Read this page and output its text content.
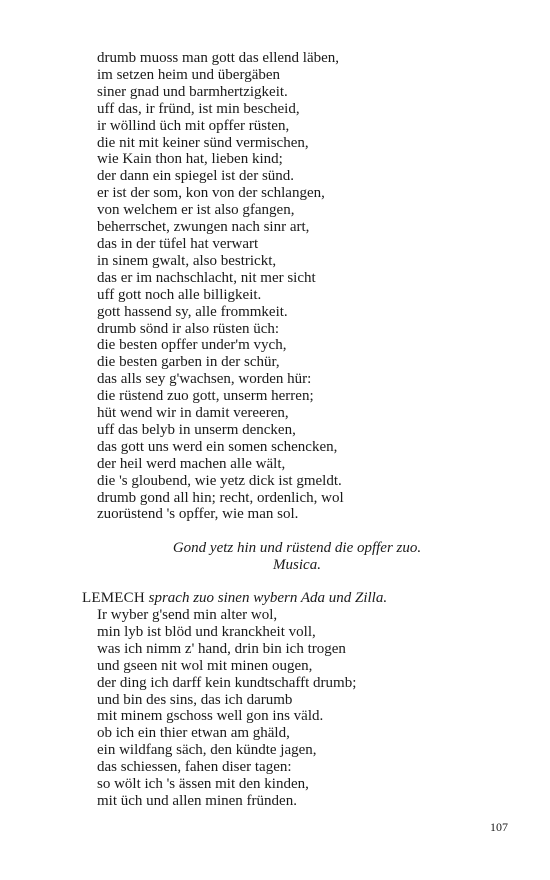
drumb muoss man gott das ellend läben,
im setzen heim und übergäben
siner gnad und barmhertzigkeit.
uff das, ir fründ, ist min bescheid,
ir wöllind üch mit opffer rüsten,
die nit mit keiner sünd vermischen,
wie Kain thon hat, lieben kind;
der dann ein spiegel ist der sünd.
er ist der som, kon von der schlangen,
von welchem er ist also gfangen,
beherrschet, zwungen nach sinr art,
das in der tüfel hat verwart
in sinem gwalt, also bestrickt,
das er im nachschlacht, nit mer sicht
uff gott noch alle billigkeit.
gott hassend sy, alle frommkeit.
drumb sönd ir also rüsten üch:
die besten opffer under'm vych,
die besten garben in der schür,
das alls sey g'wachsen, worden hür:
die rüstend zuo gott, unserm herren;
hüt wend wir in damit vereeren,
uff das belyb in unserm dencken,
das gott uns werd ein somen schencken,
der heil werd machen alle wält,
die 's gloubend, wie yetz dick ist gmeldt.
drumb gond all hin; recht, ordenlich, wol
zuorüstend 's opffer, wie man sol.
Gond yetz hin und rüstend die opffer zuo.
Musica.
LEMECH sprach zuo sinen wybern Ada und Zilla.
Ir wyber g'send min alter wol,
min lyb ist blöd und kranckheit voll,
was ich nimm z' hand, drin bin ich trogen
und gseen nit wol mit minen ougen,
der ding ich darff kein kundtschafft drumb;
und bin des sins, das ich darumb
mit minem gschoss well gon ins väld.
ob ich ein thier etwan am ghäld,
ein wildfang säch, den kündte jagen,
das schiessen, fahen diser tagen:
so wölt ich 's ässen mit den kinden,
mit üch und allen minen fründen.
107
